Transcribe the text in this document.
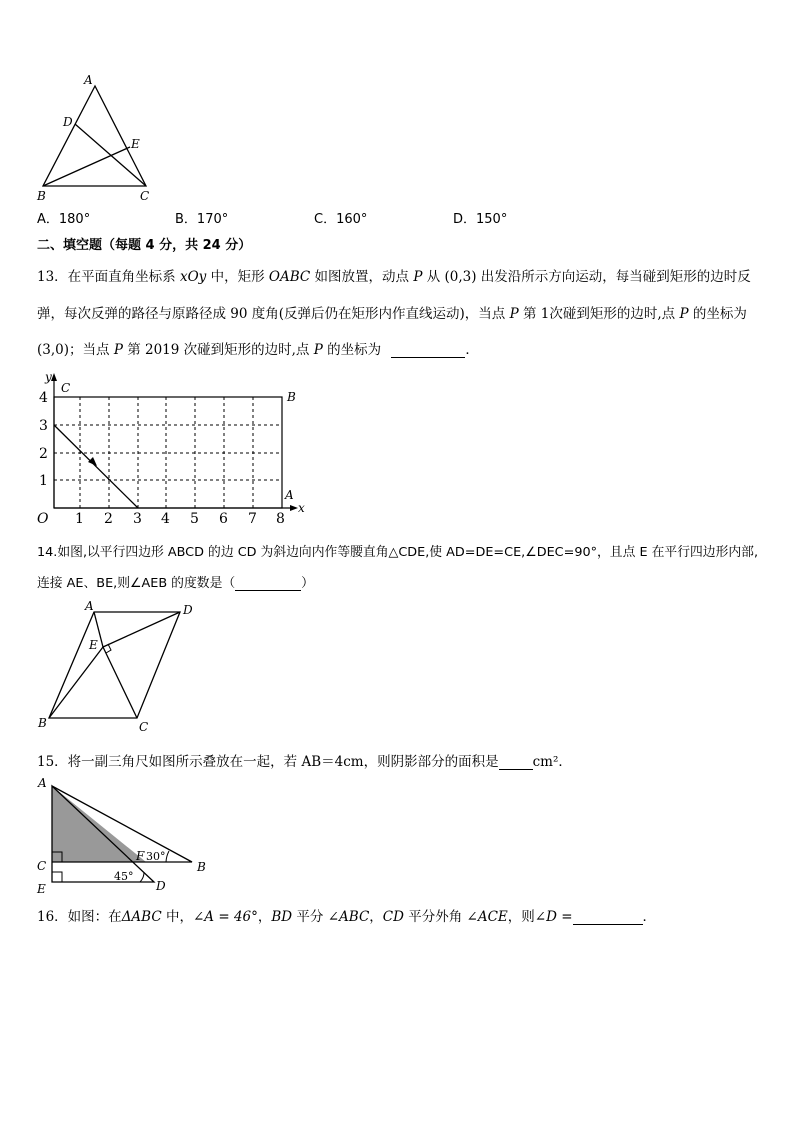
A
D
E
B	C
A．180°	B．170°	C．160°	D．150°
二、填空题（每题 4 分，共 24 分）
13．在平面直角坐标系 xOy 中，矩形 OABC 如图放置，动点 P 从 (0,3) 出发沿所示方向运动，每当碰到矩形的边时反
弹，每次反弹的路径与原路径成 90 度角(反弹后仍在矩形内作直线运动)，当点 P 第 1次碰到矩形的边时,点 P 的坐标为
(3,0)；当点 P 第 2019 次碰到矩形的边时,点 P 的坐标为	．
y
C
B
A
x
O 1 2 3 4 5 6 7 8
1
2
3
4
14.如图,以平行四边形 ABCD 的边 CD 为斜边向内作等腰直角△CDE,使 AD=DE=CE,∠DEC=90°，且点 E 在平行四边形内部,
连接 AE、BE,则∠AEB 的度数是（	）
A	D
E
B	C
15．将一副三角尺如图所示叠放在一起，若 AB＝4cm，则阴影部分的面积是	cm²．
A
C
E
F 30°
B
45°
D
16．如图：在ΔABC 中，∠A = 46°，BD 平分 ∠ABC，CD 平分外角 ∠ACE，则∠D =	．
